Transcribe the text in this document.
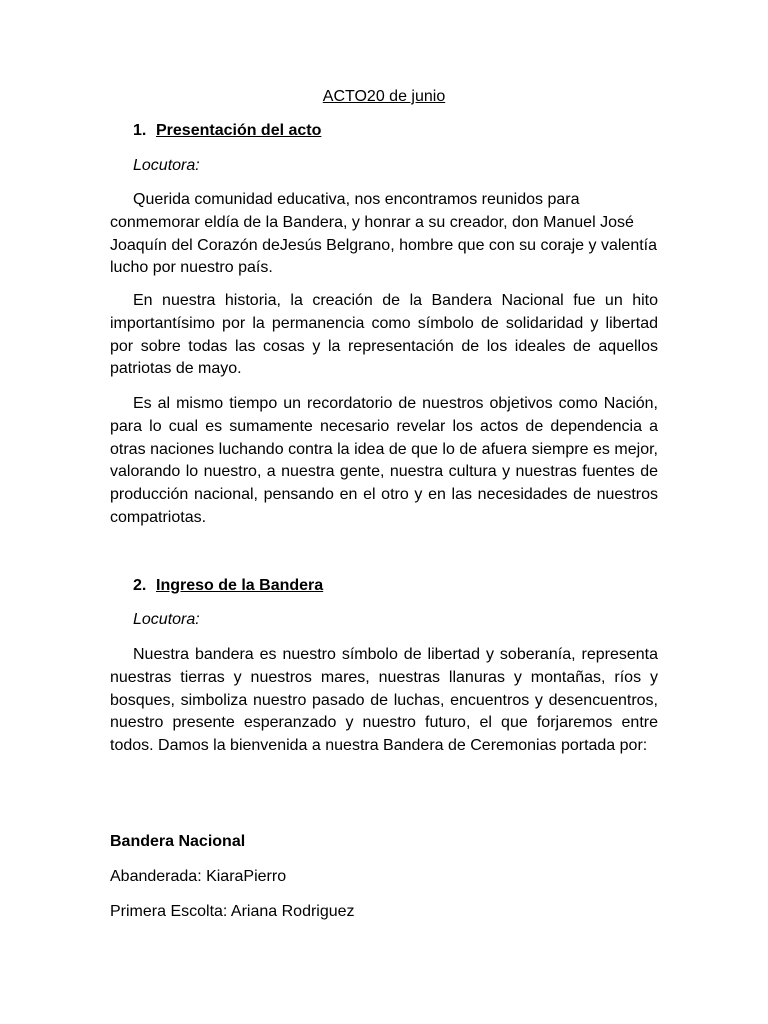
ACTO20 de junio
1. Presentación del acto
Locutora:

Querida comunidad educativa, nos encontramos reunidos para conmemorar eldía de la Bandera, y honrar a su creador, don Manuel José Joaquín del Corazón deJesús Belgrano, hombre que con su coraje y valentía lucho por nuestro país.

En nuestra historia, la creación de la Bandera Nacional fue un hito importantísimo por la permanencia como símbolo de solidaridad y libertad por sobre todas las cosas y la representación de los ideales de aquellos patriotas de mayo.

Es al mismo tiempo un recordatorio de nuestros objetivos como Nación, para lo cual es sumamente necesario revelar los actos de dependencia a otras naciones luchando contra la idea de que lo de afuera siempre es mejor, valorando lo nuestro, a nuestra gente, nuestra cultura y nuestras fuentes de producción nacional, pensando en el otro y en las necesidades de nuestros compatriotas.

2. Ingreso de la Bandera
Locutora:

Nuestra bandera es nuestro símbolo de libertad y soberanía, representa nuestras tierras y nuestros mares, nuestras llanuras y montañas, ríos y bosques, simboliza nuestro pasado de luchas, encuentros y desencuentros, nuestro presente esperanzado y nuestro futuro, el que forjaremos entre todos. Damos la bienvenida a nuestra Bandera de Ceremonias portada por:

Bandera Nacional
Abanderada: KiaraPierro
Primera Escolta: Ariana Rodriguez
